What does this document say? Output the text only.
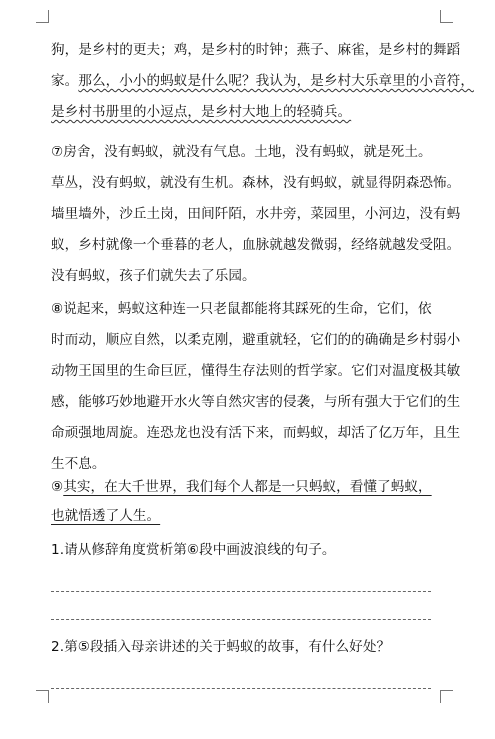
狗，是乡村的更夫；鸡，是乡村的时钟；燕子、麻雀，是乡村的舞蹈
家。那么，小小的蚂蚁是什么呢？我认为，是乡村大乐章里的小音符，
是乡村书册里的小逗点，是乡村大地上的轻骑兵。
⑦房舍，没有蚂蚁，就没有气息。土地，没有蚂蚁，就是死土。
草丛，没有蚂蚁，就没有生机。森林，没有蚂蚁，就显得阴森恐怖。
墙里墙外，沙丘土岗，田间阡陌，水井旁，菜园里，小河边，没有蚂
蚁，乡村就像一个垂暮的老人，血脉就越发微弱，经络就越发受阻。
没有蚂蚁，孩子们就失去了乐园。
⑧说起来，蚂蚁这种连一只老鼠都能将其踩死的生命，它们，依
时而动，顺应自然，以柔克刚，避重就轻，它们的的确确是乡村弱小
动物王国里的生命巨匠，懂得生存法则的哲学家。它们对温度极其敏
感，能够巧妙地避开水火等自然灾害的侵袭，与所有强大于它们的生
命顽强地周旋。连恐龙也没有活下来，而蚂蚁，却活了亿万年，且生
生不息。
⑨其实，在大千世界，我们每个人都是一只蚂蚁，看懂了蚂蚁，
也就悟透了人生。
1.请从修辞角度赏析第⑥段中画波浪线的句子。
2.第⑤段插入母亲讲述的关于蚂蚁的故事，有什么好处？
